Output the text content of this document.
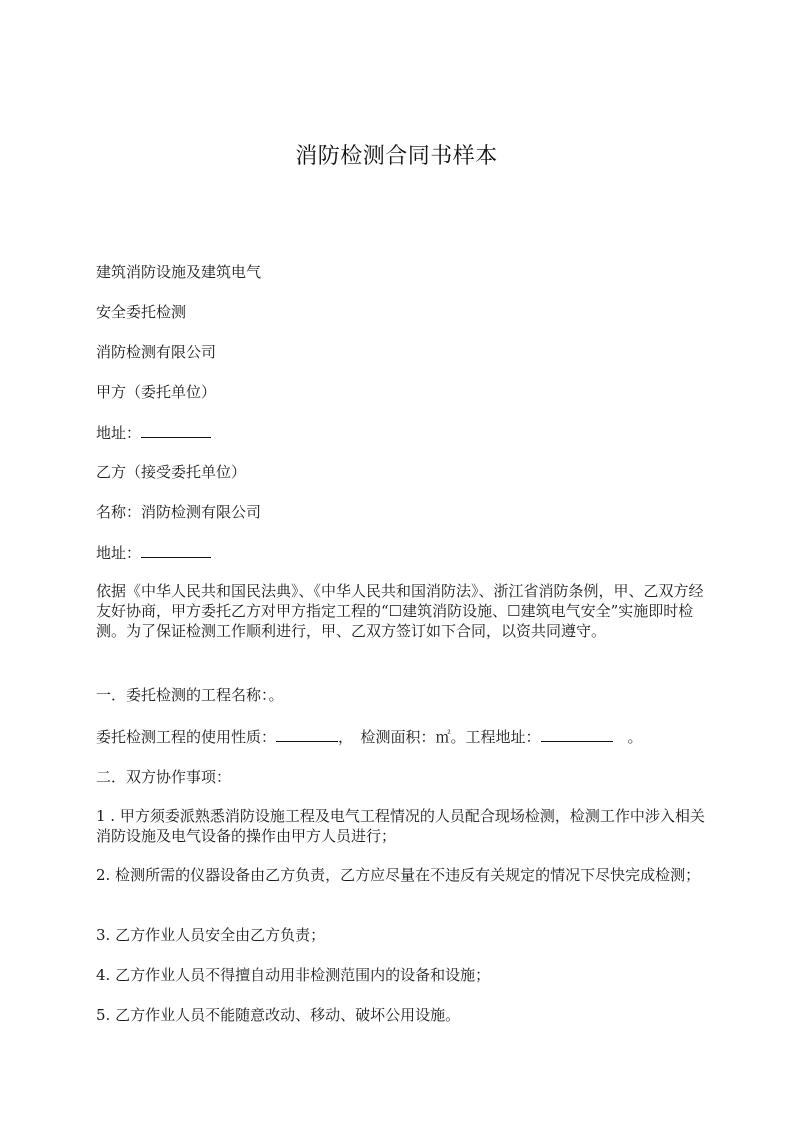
消防检测合同书样本
建筑消防设施及建筑电气
安全委托检测
消防检测有限公司
甲方（委托单位）
地址：
乙方（接受委托单位）
名称：消防检测有限公司
地址：
依据《中华人民共和国民法典》、《中华人民共和国消防法》、浙江省消防条例，甲、乙双方经友好协商，甲方委托乙方对甲方指定工程的“☐建筑消防设施、☐建筑电气安全”实施即时检测。为了保证检测工作顺利进行，甲、乙双方签订如下合同，以资共同遵守。
一．委托检测的工程名称：。
委托检测工程的使用性质：	，　检测面积：㎡。工程地址：	　。
二．双方协作事项：
1 . 甲方须委派熟悉消防设施工程及电气工程情况的人员配合现场检测，检测工作中涉入相关消防设施及电气设备的操作由甲方人员进行；
2. 检测所需的仪器设备由乙方负责，乙方应尽量在不违反有关规定的情况下尽快完成检测；
3. 乙方作业人员安全由乙方负责；
4. 乙方作业人员不得擅自动用非检测范围内的设备和设施；
5. 乙方作业人员不能随意改动、移动、破坏公用设施。
